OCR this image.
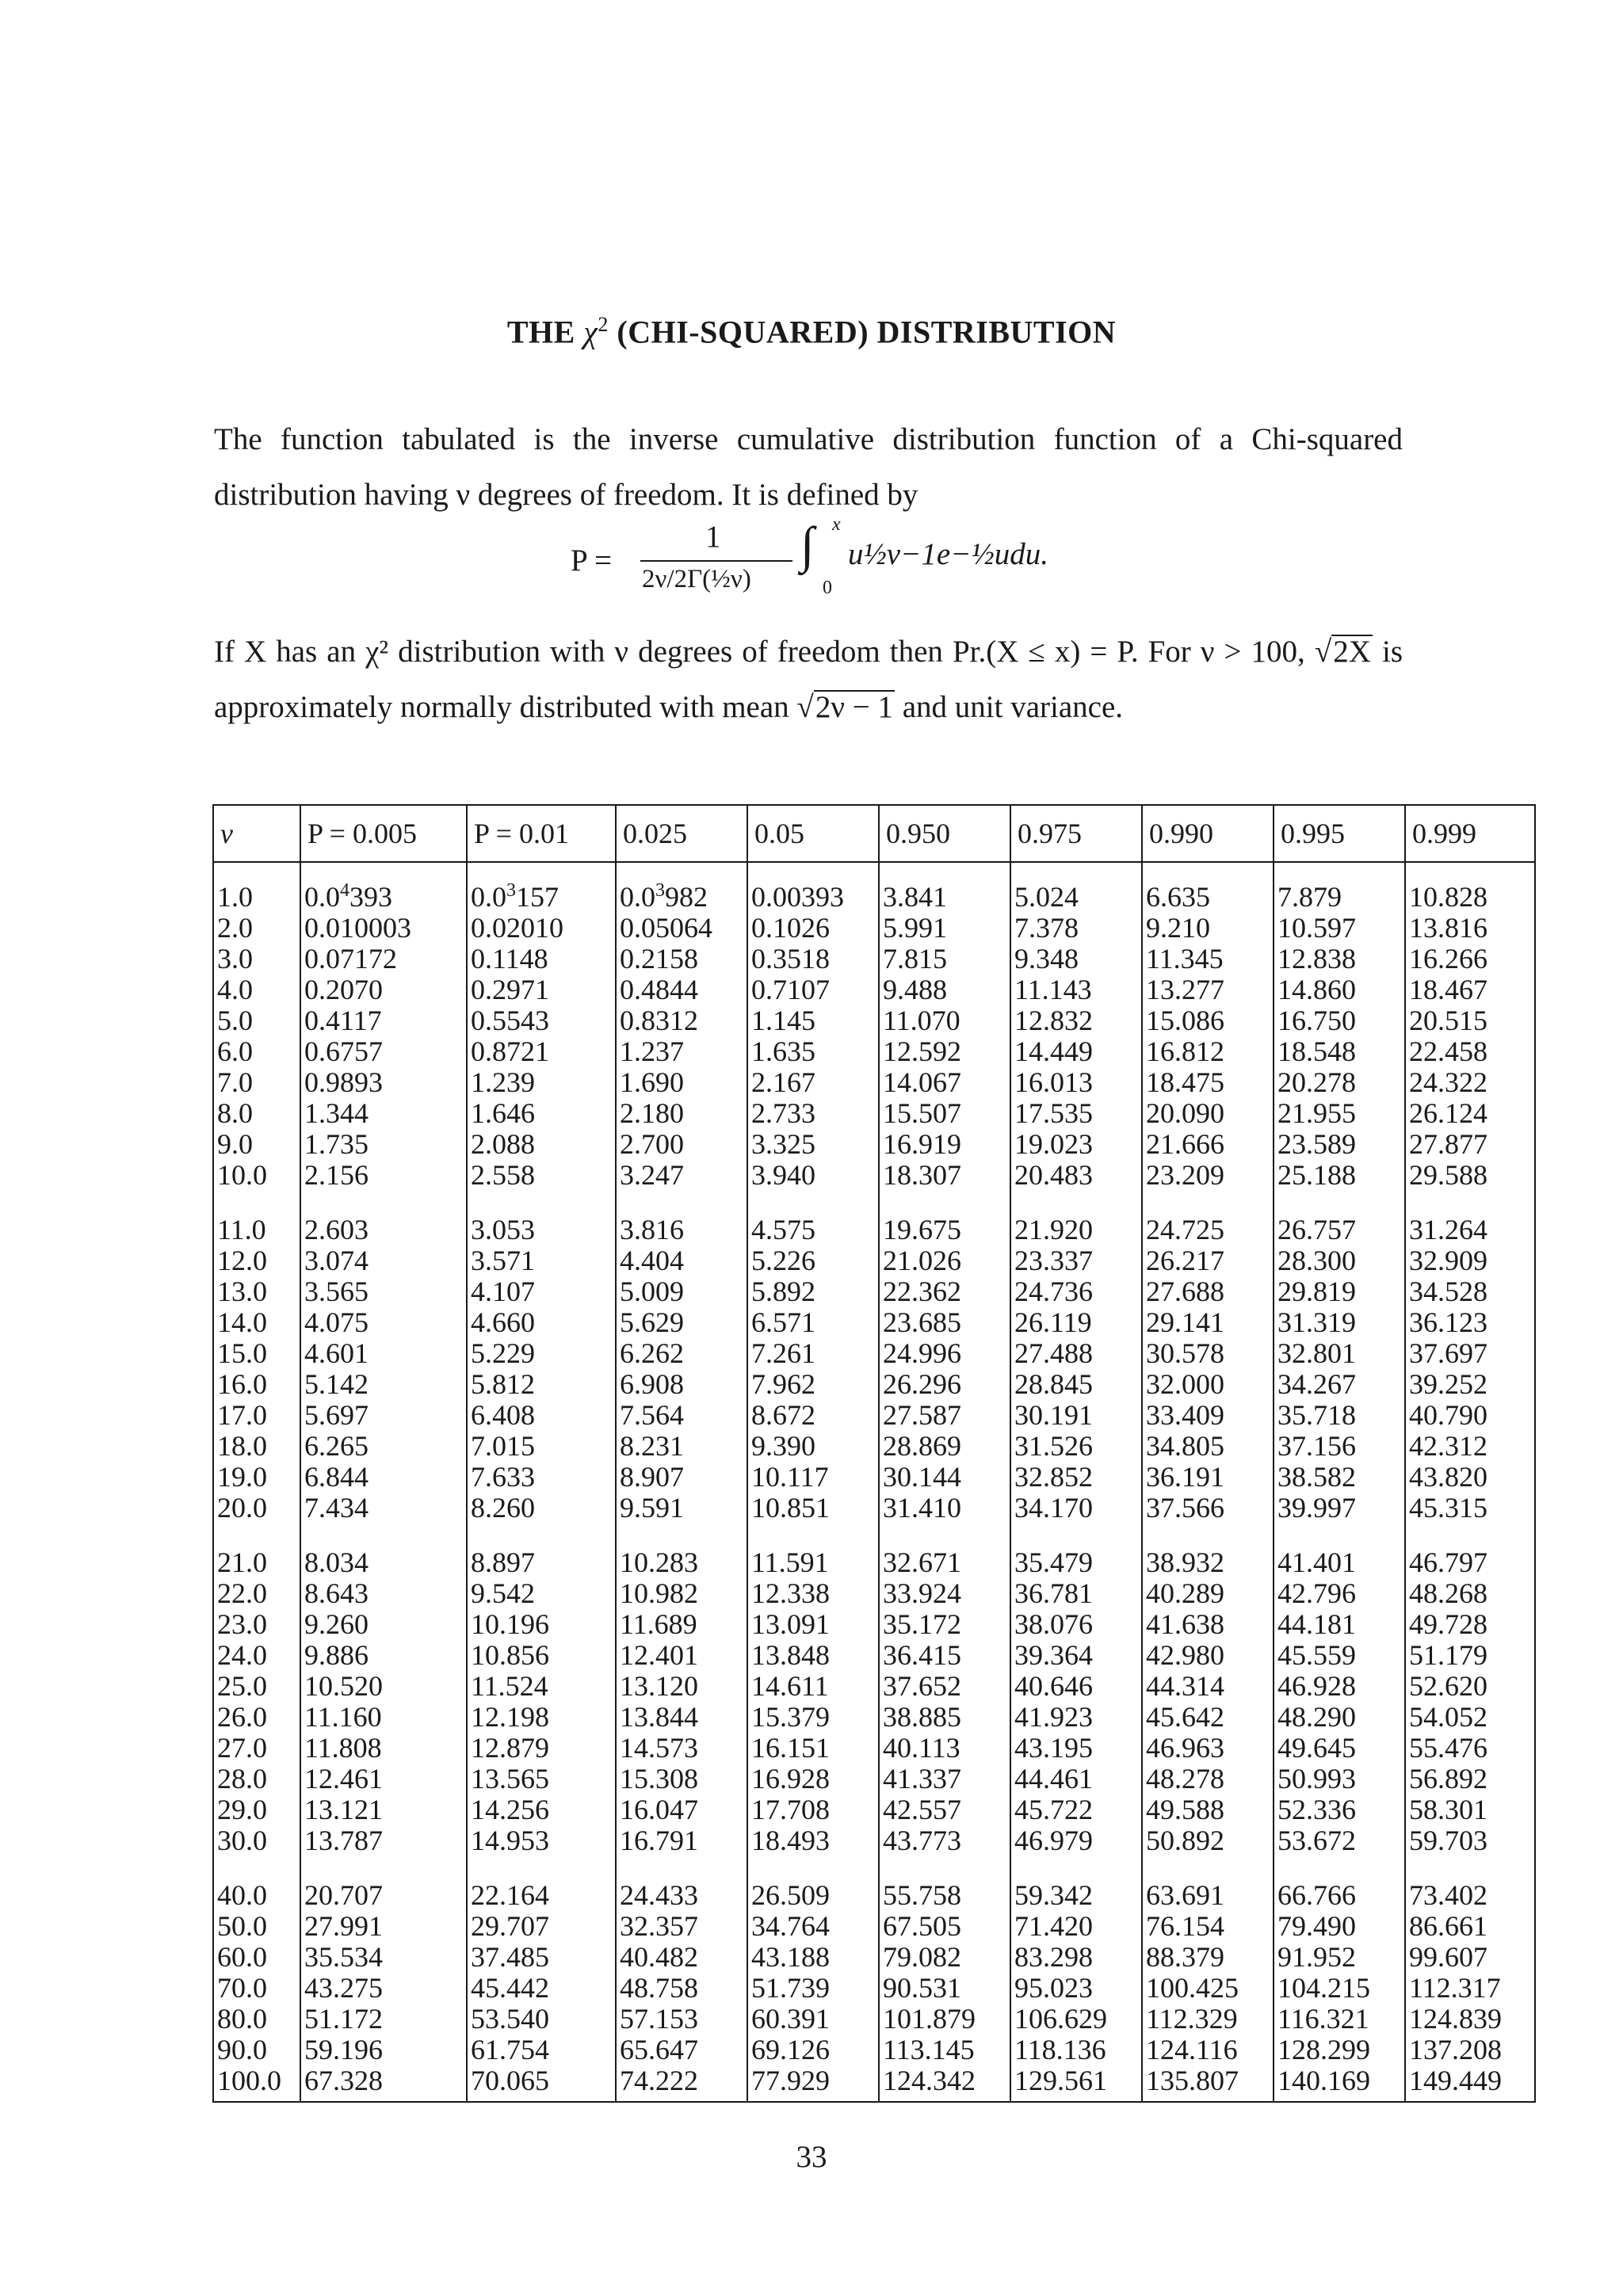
THE $\chi^2$ (CHI-SQUARED) DISTRIBUTION

The function tabulated is the inverse cumulative distribution function of a Chi-squared distribution having ν degrees of freedom. It is defined by

P =
1
2ν/2Γ(½ν)
∫ x
0
u½ν−1e−½udu.

If X has an χ² distribution with ν degrees of freedom then Pr.(X ≤ x) = P. For ν > 100, √2X is approximately normally distributed with mean √2ν − 1 and unit variance.

ν	P = 0.005	P = 0.01	0.025	0.05	0.950	0.975	0.990	0.995	0.999
1.0	$0.0^4393$	$0.0^3157$	$0.0^3982$	0.00393	3.841	5.024	6.635	7.879	10.828
2.0	0.010003	0.02010	0.05064	0.1026	5.991	7.378	9.210	10.597	13.816
3.0	0.07172	0.1148	0.2158	0.3518	7.815	9.348	11.345	12.838	16.266
4.0	0.2070	0.2971	0.4844	0.7107	9.488	11.143	13.277	14.860	18.467
5.0	0.4117	0.5543	0.8312	1.145	11.070	12.832	15.086	16.750	20.515
6.0	0.6757	0.8721	1.237	1.635	12.592	14.449	16.812	18.548	22.458
7.0	0.9893	1.239	1.690	2.167	14.067	16.013	18.475	20.278	24.322
8.0	1.344	1.646	2.180	2.733	15.507	17.535	20.090	21.955	26.124
9.0	1.735	2.088	2.700	3.325	16.919	19.023	21.666	23.589	27.877
10.0	2.156	2.558	3.247	3.940	18.307	20.483	23.209	25.188	29.588
11.0	2.603	3.053	3.816	4.575	19.675	21.920	24.725	26.757	31.264
12.0	3.074	3.571	4.404	5.226	21.026	23.337	26.217	28.300	32.909
13.0	3.565	4.107	5.009	5.892	22.362	24.736	27.688	29.819	34.528
14.0	4.075	4.660	5.629	6.571	23.685	26.119	29.141	31.319	36.123
15.0	4.601	5.229	6.262	7.261	24.996	27.488	30.578	32.801	37.697
16.0	5.142	5.812	6.908	7.962	26.296	28.845	32.000	34.267	39.252
17.0	5.697	6.408	7.564	8.672	27.587	30.191	33.409	35.718	40.790
18.0	6.265	7.015	8.231	9.390	28.869	31.526	34.805	37.156	42.312
19.0	6.844	7.633	8.907	10.117	30.144	32.852	36.191	38.582	43.820
20.0	7.434	8.260	9.591	10.851	31.410	34.170	37.566	39.997	45.315
21.0	8.034	8.897	10.283	11.591	32.671	35.479	38.932	41.401	46.797
22.0	8.643	9.542	10.982	12.338	33.924	36.781	40.289	42.796	48.268
23.0	9.260	10.196	11.689	13.091	35.172	38.076	41.638	44.181	49.728
24.0	9.886	10.856	12.401	13.848	36.415	39.364	42.980	45.559	51.179
25.0	10.520	11.524	13.120	14.611	37.652	40.646	44.314	46.928	52.620
26.0	11.160	12.198	13.844	15.379	38.885	41.923	45.642	48.290	54.052
27.0	11.808	12.879	14.573	16.151	40.113	43.195	46.963	49.645	55.476
28.0	12.461	13.565	15.308	16.928	41.337	44.461	48.278	50.993	56.892
29.0	13.121	14.256	16.047	17.708	42.557	45.722	49.588	52.336	58.301
30.0	13.787	14.953	16.791	18.493	43.773	46.979	50.892	53.672	59.703
40.0	20.707	22.164	24.433	26.509	55.758	59.342	63.691	66.766	73.402
50.0	27.991	29.707	32.357	34.764	67.505	71.420	76.154	79.490	86.661
60.0	35.534	37.485	40.482	43.188	79.082	83.298	88.379	91.952	99.607
70.0	43.275	45.442	48.758	51.739	90.531	95.023	100.425	104.215	112.317
80.0	51.172	53.540	57.153	60.391	101.879	106.629	112.329	116.321	124.839
90.0	59.196	61.754	65.647	69.126	113.145	118.136	124.116	128.299	137.208
100.0	67.328	70.065	74.222	77.929	124.342	129.561	135.807	140.169	149.449
33
